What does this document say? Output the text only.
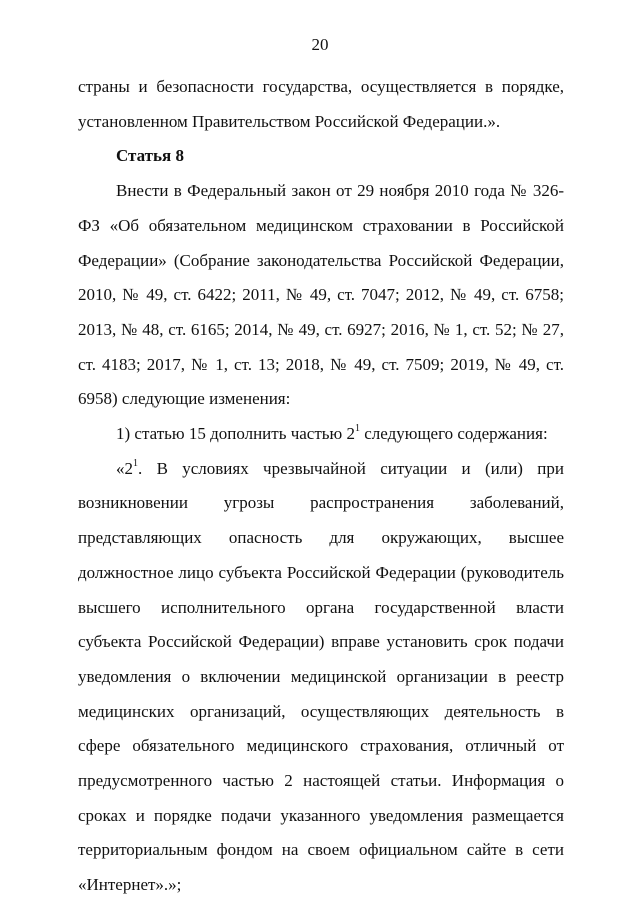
20

страны и безопасности государства, осуществляется в порядке, установленном Правительством Российской Федерации.».

Статья 8

Внести в Федеральный закон от 29 ноября 2010 года № 326-ФЗ «Об обязательном медицинском страховании в Российской Федерации» (Собрание законодательства Российской Федерации, 2010, № 49, ст. 6422; 2011, № 49, ст. 7047; 2012, № 49, ст. 6758; 2013, № 48, ст. 6165; 2014, № 49, ст. 6927; 2016, № 1, ст. 52; № 27, ст. 4183; 2017, № 1, ст. 13; 2018, № 49, ст. 7509; 2019, № 49, ст. 6958) следующие изменения:

1) статью 15 дополнить частью $2^1$ следующего содержания:

«$2^1$. В условиях чрезвычайной ситуации и (или) при возникновении угрозы распространения заболеваний, представляющих опасность для окружающих, высшее должностное лицо субъекта Российской Федерации (руководитель высшего исполнительного органа государственной власти субъекта Российской Федерации) вправе установить срок подачи уведомления о включении медицинской организации в реестр медицинских организаций, осуществляющих деятельность в сфере обязательного медицинского страхования, отличный от предусмотренного частью 2 настоящей статьи. Информация о сроках и порядке подачи указанного уведомления размещается территориальным фондом на своем официальном сайте в сети «Интернет».»;
